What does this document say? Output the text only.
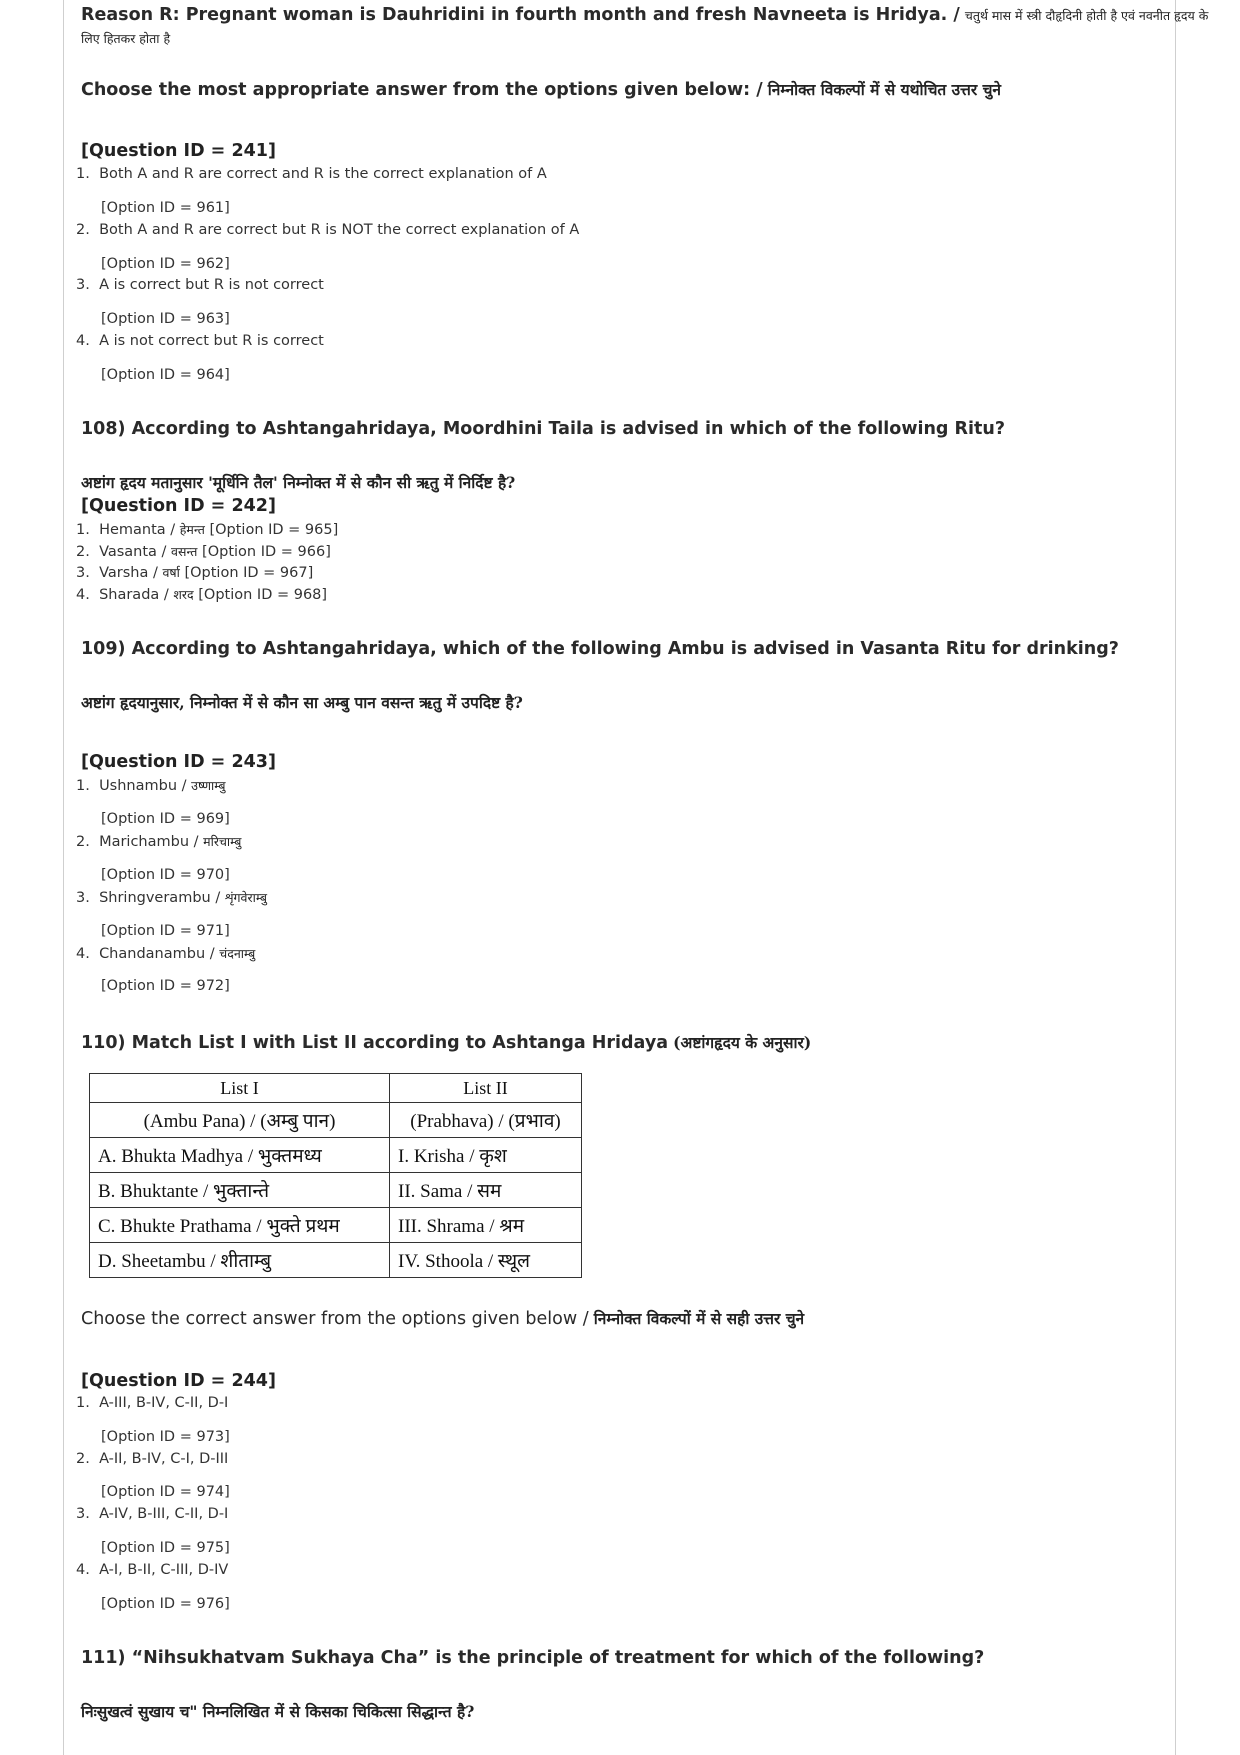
Reason R: Pregnant woman is Dauhridini in fourth month and fresh Navneeta is Hridya. / चतुर्थ मास में स्त्री दौहृदिनी होती है एवं नवनीत हृदय के
लिए हितकर होता है
Choose the most appropriate answer from the options given below: / निम्नोक्त विकल्पों में से यथोचित उत्तर चुने
[Question ID = 241]
1. Both A and R are correct and R is the correct explanation of A
[Option ID = 961]
2. Both A and R are correct but R is NOT the correct explanation of A
[Option ID = 962]
3. A is correct but R is not correct
[Option ID = 963]
4. A is not correct but R is correct
[Option ID = 964]
108) According to Ashtangahridaya, Moordhini Taila is advised in which of the following Ritu?
अष्टांग हृदय मतानुसार 'मूर्धिनि तैल' निम्नोक्त में से कौन सी ऋतु में निर्दिष्ट है?
[Question ID = 242]
1. Hemanta / हेमन्त [Option ID = 965]
2. Vasanta / वसन्त [Option ID = 966]
3. Varsha / वर्षा [Option ID = 967]
4. Sharada / शरद [Option ID = 968]
109) According to Ashtangahridaya, which of the following Ambu is advised in Vasanta Ritu for drinking?
अष्टांग हृदयानुसार, निम्नोक्त में से कौन सा अम्बु पान वसन्त ऋतु में उपदिष्ट है?
[Question ID = 243]
1. Ushnambu / उष्णाम्बु
[Option ID = 969]
2. Marichambu / मरिचाम्बु
[Option ID = 970]
3. Shringverambu / शृंगवेराम्बु
[Option ID = 971]
4. Chandanambu / चंदनाम्बु
[Option ID = 972]
110) Match List I with List II according to Ashtanga Hridaya (अष्टांगहृदय के अनुसार)
List I	List II
(Ambu Pana) / (अम्बु पान)	(Prabhava) / (प्रभाव)
A. Bhukta Madhya / भुक्तमध्य	I. Krisha / कृश
B. Bhuktante / भुक्तान्ते	II. Sama / सम
C. Bhukte Prathama / भुक्ते प्रथम	III. Shrama / श्रम
D. Sheetambu / शीताम्बु	IV. Sthoola / स्थूल
Choose the correct answer from the options given below / निम्नोक्त विकल्पों में से सही उत्तर चुने
[Question ID = 244]
1. A-III, B-IV, C-II, D-I
[Option ID = 973]
2. A-II, B-IV, C-I, D-III
[Option ID = 974]
3. A-IV, B-III, C-II, D-I
[Option ID = 975]
4. A-I, B-II, C-III, D-IV
[Option ID = 976]
111) “Nihsukhatvam Sukhaya Cha” is the principle of treatment for which of the following?
निःसुखत्वं सुखाय च" निम्नलिखित में से किसका चिकित्सा सिद्धान्त है?
